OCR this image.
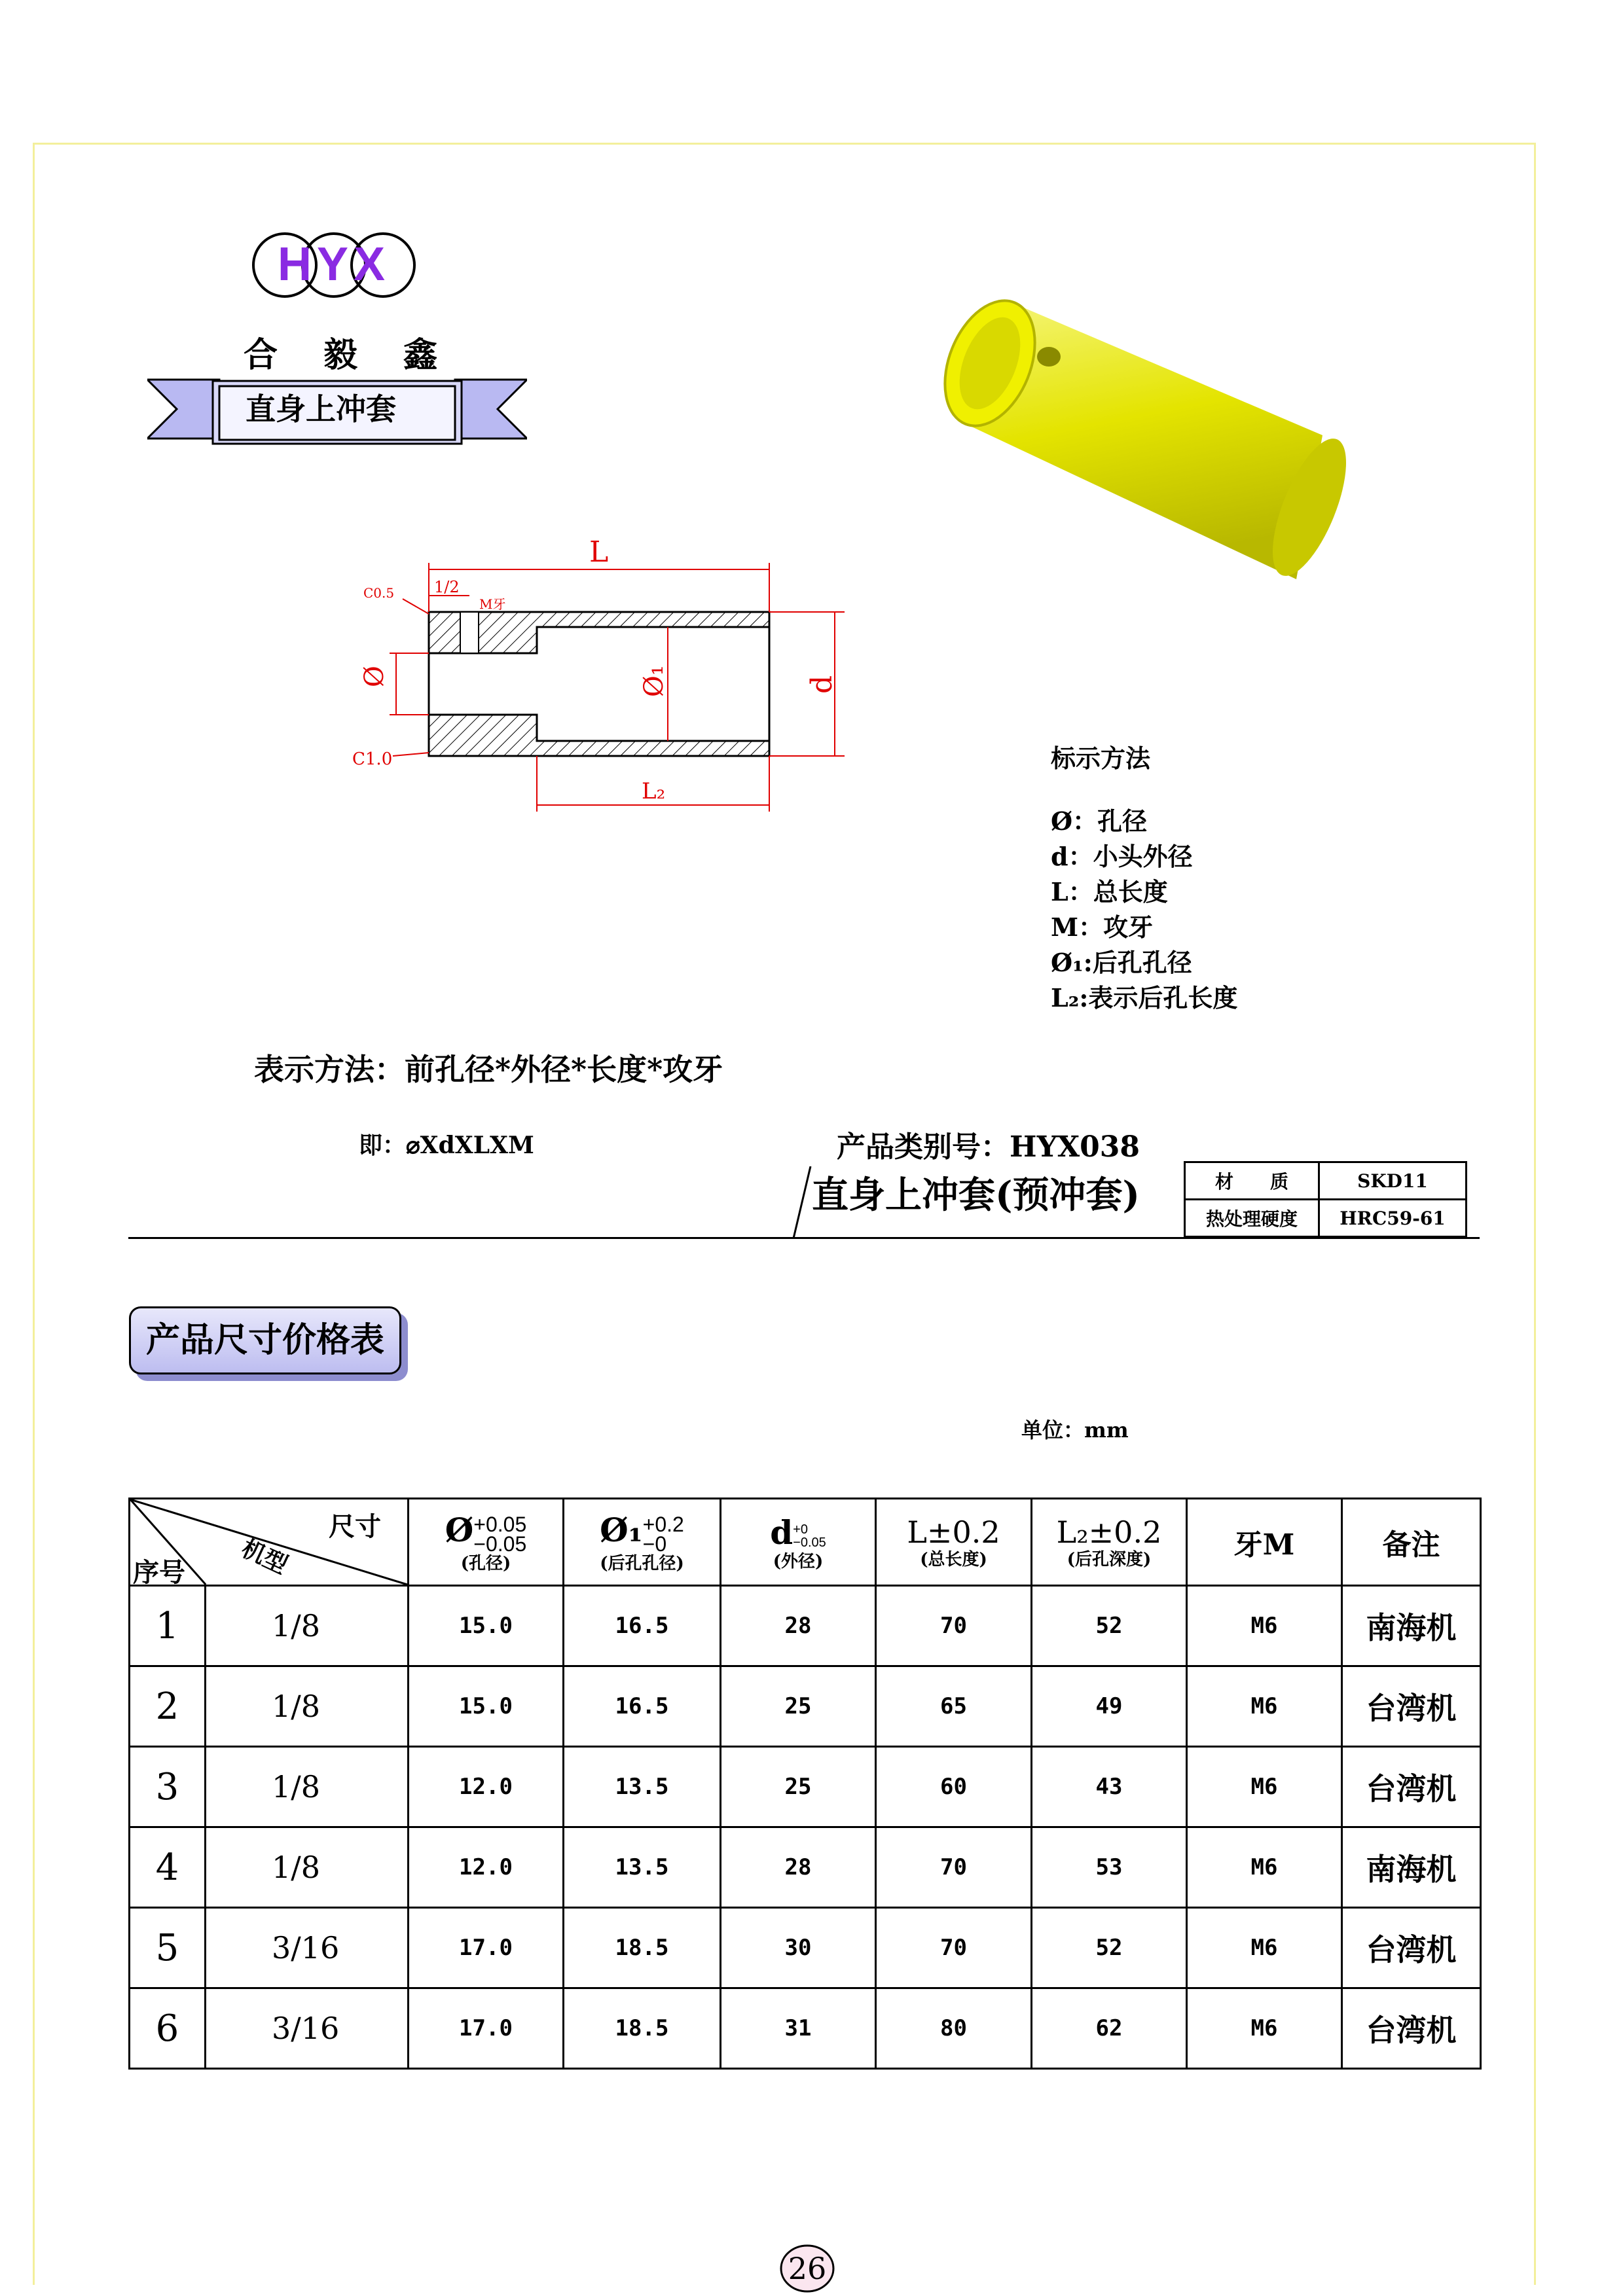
HYX
合毅鑫
直身上冲套
L
1/2
M牙
C0.5
C1.0
Ø	Ø₁	d
L₂
标示方法
Ø：孔径
d：小头外径
L：总长度
M：攻牙
Ø₁:后孔孔径
L₂:表示后孔长度
表示方法：前孔径*外径*长度*攻牙
即：⌀XdXLXM	产品类别号：HYX038
直身上冲套(预冲套)	材　　质	SKD11
热处理硬度	HRC59-61
产品尺寸价格表
单位：mm
尺寸
机型
序号		Ø +0.05
−0.05
(孔径)	Ø₁ +0.2
−0
(后孔孔径)	d +0
−0.05
(外径)	L±0.2
(总长度)	L₂±0.2
(后孔深度)	牙M	备注
1	1/8	15.0	16.5	28	70	52	M6	南海机
2	1/8	15.0	16.5	25	65	49	M6	台湾机
3	1/8	12.0	13.5	25	60	43	M6	台湾机
4	1/8	12.0	13.5	28	70	53	M6	南海机
5	3/16	17.0	18.5	30	70	52	M6	台湾机
6	3/16	17.0	18.5	31	80	62	M6	台湾机
26
